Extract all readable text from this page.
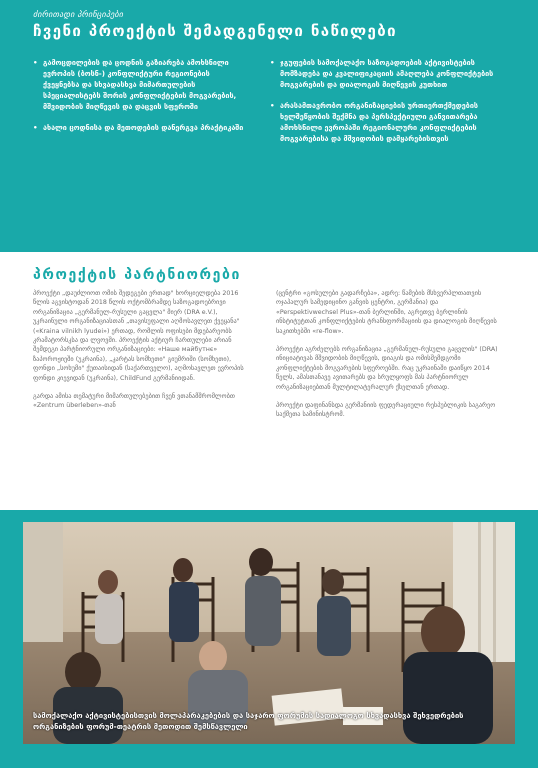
ძირითადი პრინციპები
ჩვენი პროექტის შემადგენელი ნაწილები
• გამოცდილების და ცოდნის გაზიარება ამოხსნილი ევროპის (ბოსნ-) კონფლიქტური რეგიონების ქვეყნებსა და სხვადასხვა მიმართულების სპეციალისტებს შორის კონფლიქტების მოგვარების, მშვიდობის მიღწევის და დაცვის სფეროში
• ახალი ცოდნისა და მეთოდების დანერგვა პრაქტიკაში
• ჯგუფების სამოქალაქო საზოგადოების აქტივისტების მომზადება და კვალიფიკაციის ამაღლება კონფლიქტების მოგვარების და დიალოგის მიღწევის კუთხით
• არასამთავრობო ორგანიზაციების ურთიერთქმედების ხელშეწყობის შექმნა და პერსპექტიული განვითარება ამოხსნილი ევროპაში რეგიონალური კონფლიქტების მოგვარებისა და მშვიდობის დამყარებისთვის
პროექტის პარტნიორები

პროექტი „დაუძლიოთ ომის შედეგები ერთად" ხორციელდება 2016 წლის აგვისტოდან 2018 წლის ოქტომბრამდე საზოგადოებრივი ორგანიზაცია „გერმანულ-რუსული გაცვლა" მიერ (DRA e.V.), უკრაინული ორგანიზაციასთან „თავისუფალი აღმოსავლეთ ქვეყანა" («Kraina vilnikh lyudei») ერთად, რომლის ოფისები მდებარეობს კრამატორსკსა და ლვოვში. პროექტის აქტიურ ჩართულები არიან შემდეგი პარტნიორული ორგანიზაციები: «Наше майбутнє» ზაპოროჟიეში (უკრაინა), „კარტას სომხეთი" გიუმრიში (სომხეთი), ფონდი „სოხუმი" ქუთაისიდან (საქართველო), აღმოსავლეთ ევროპის ფონდი კიევიდან (უკრაინა), ChildFund გერმანიიდან.

გარდა ამისა თემატური მიმართულებებით ჩვენ ვთანამშრომლობთ «Zentrum überleben»-თან

(ცენტრი «გოსულები გადარჩება», ადრე: წამების მსხვერპლთათვის ოჯაჰალურ სამედიცინო განვის ცენტრი, გერმანია) და «Perspektivwechsel Plus»-თან ბერლინში, აგრეთვე ბერლინის ინსტიტუტთან კონფლიქტების ტრანსფორმაციის და დიალოგის მიღწევის საკითხებში «re-flow».

პროექტი აგრძელებს ორგანიზაცია „გერმანულ-რუსული გაცვლის" (DRA) ინიციატივას მშვიდობის მიღწევის, დიაგის და ომისშემდგომი კონფლიქტების მოგვარების სფეროებში. რაც უკრაინაში დაიწყო 2014 წელს, ამასთანავე ავითარებს და სრულყოფს მას პარტნიორულ ორგანიზაციებთან მულტილატერალურ ქსელთან ერთად.

პროექტი დაფინანსდა გერმანიის ფედერაციული რესპუბლიკის საგარეო საქმეთა სამინისტრომ.

სამოქალაქო აქტივისტებისთვის მოლაპარაკებების და საჯარო ფორუმის სადიალოგო სხვადასხვა შეხვედრების ორგანიზების ფორუმ-თეატრის მეთოდით შემსწავლელი
